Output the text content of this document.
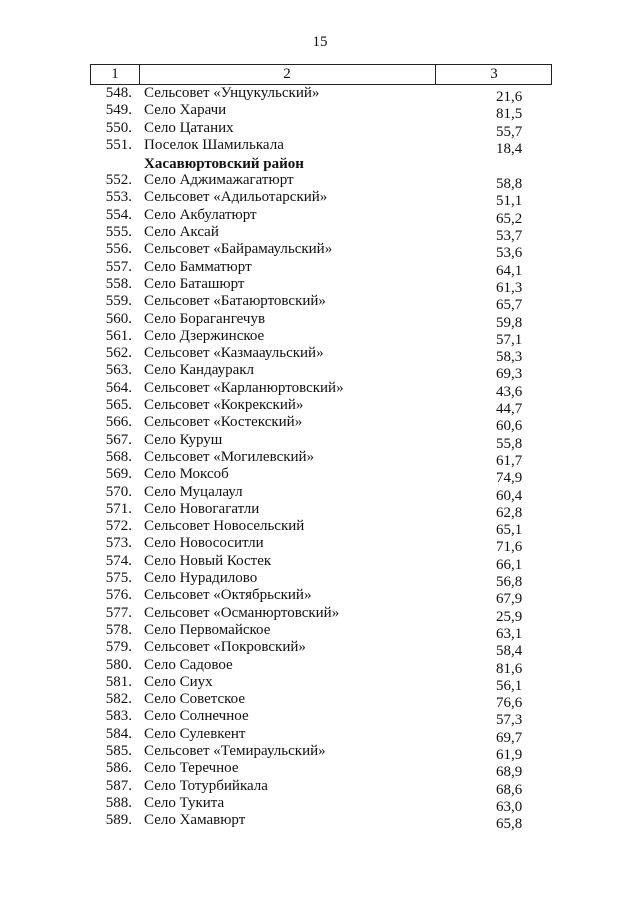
15
1	2	3
548. Сельсовет «Унцукульский»	21,6
549. Село Харачи	81,5
550. Село Цатаних	55,7
551. Поселок Шамилькала	18,4
Хасавюртовский район
552. Село Аджимажагатюрт	58,8
553. Сельсовет «Адильотарский»	51,1
554. Село Акбулатюрт	65,2
555. Село Аксай	53,7
556. Сельсовет «Байрамаульский»	53,6
557. Село Бамматюрт	64,1
558. Село Баташюрт	61,3
559. Сельсовет «Батаюртовский»	65,7
560. Село Борагангечув	59,8
561. Село Дзержинское	57,1
562. Сельсовет «Казмааульский»	58,3
563. Село Кандауракл	69,3
564. Сельсовет «Карланюртовский»	43,6
565. Сельсовет «Кокрекский»	44,7
566. Сельсовет «Костекский»	60,6
567. Село Куруш	55,8
568. Сельсовет «Могилевский»	61,7
569. Село Моксоб	74,9
570. Село Муцалаул	60,4
571. Село Новогагатли	62,8
572. Сельсовет Новосельский	65,1
573. Село Новососитли	71,6
574. Село Новый Костек	66,1
575. Село Нурадилово	56,8
576. Сельсовет «Октябрьский»	67,9
577. Сельсовет «Османюртовский»	25,9
578. Село Первомайское	63,1
579. Сельсовет «Покровский»	58,4
580. Село Садовое	81,6
581. Село Сиух	56,1
582. Село Советское	76,6
583. Село Солнечное	57,3
584. Село Сулевкент	69,7
585. Сельсовет «Темираульский»	61,9
586. Село Теречное	68,9
587. Село Тотурбийкала	68,6
588. Село Тукита	63,0
589. Село Хамавюрт	65,8
